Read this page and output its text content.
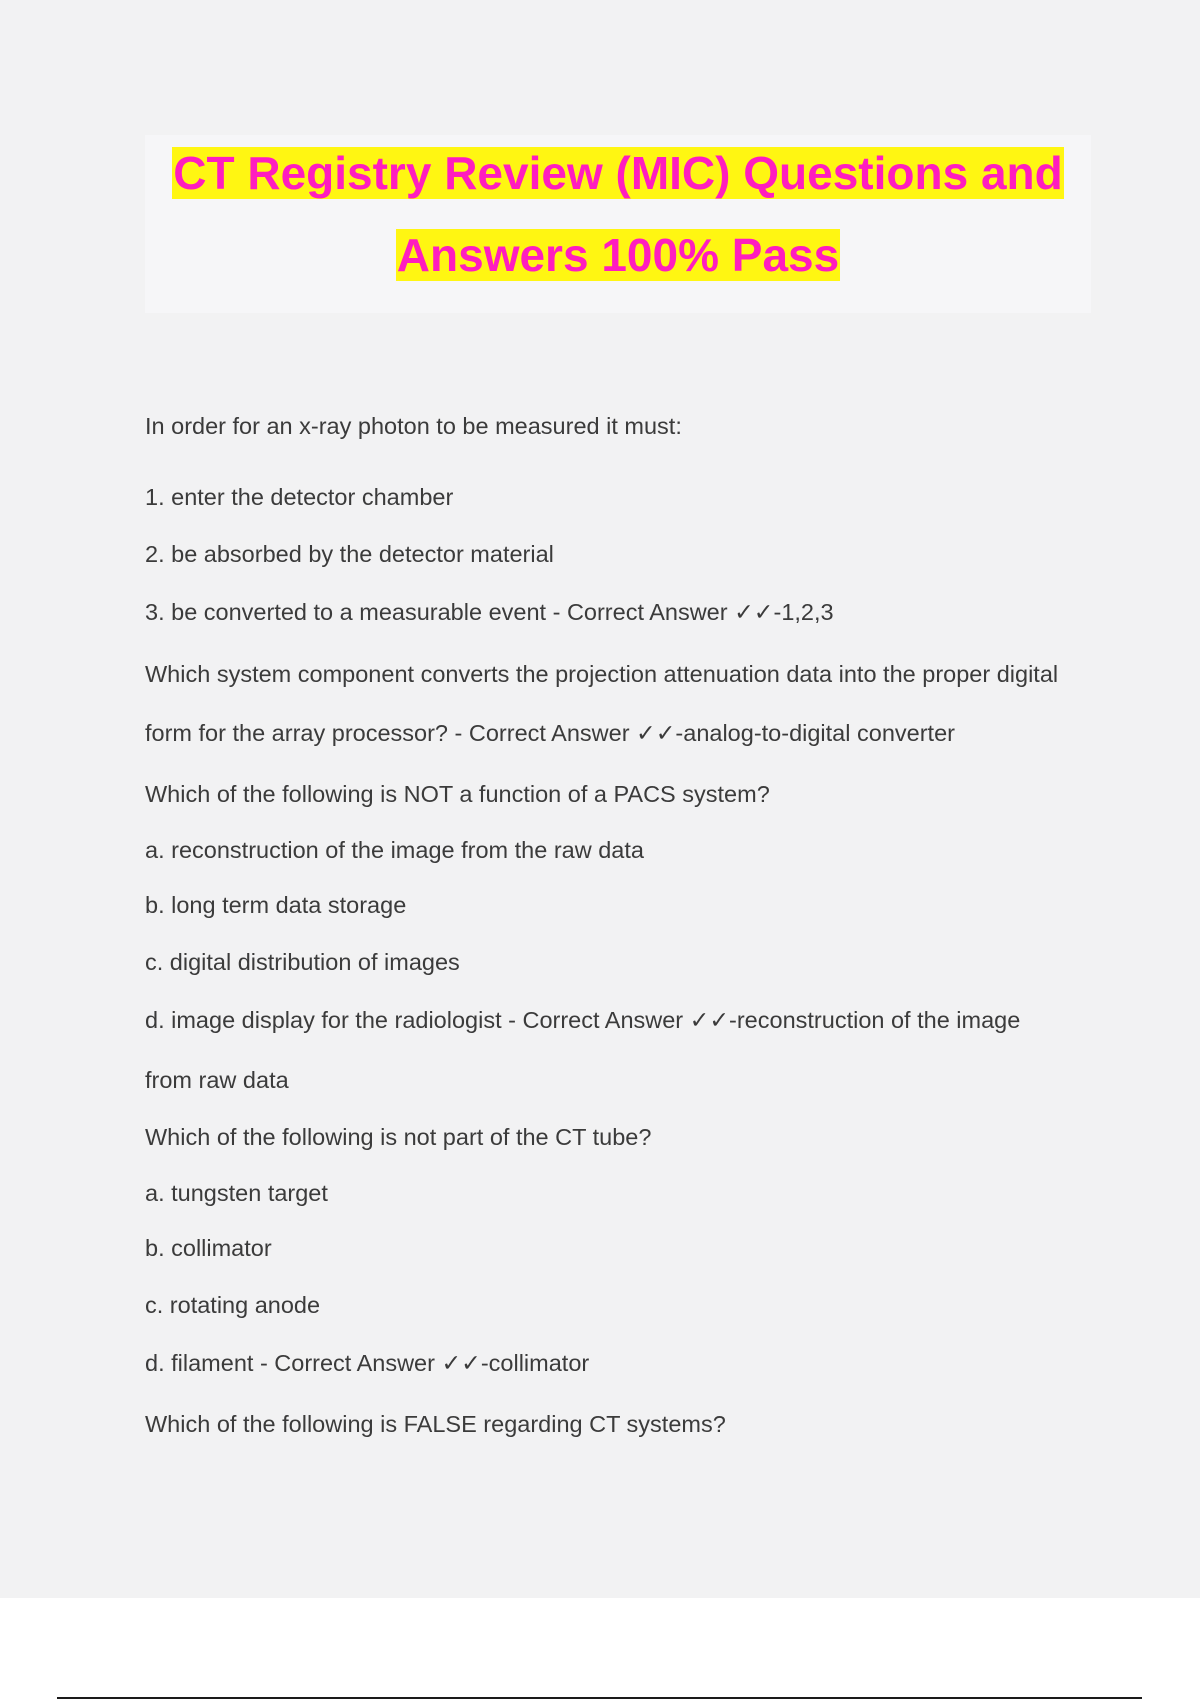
CT Registry Review (MIC) Questions and
Answers 100% Pass
In order for an x-ray photon to be measured it must:
1. enter the detector chamber
2. be absorbed by the detector material
3. be converted to a measurable event - Correct Answer ✓✓-1,2,3
Which system component converts the projection attenuation data into the proper digital
form for the array processor? - Correct Answer ✓✓-analog-to-digital converter
Which of the following is NOT a function of a PACS system?
a. reconstruction of the image from the raw data
b. long term data storage
c. digital distribution of images
d. image display for the radiologist - Correct Answer ✓✓-reconstruction of the image
from raw data
Which of the following is not part of the CT tube?
a. tungsten target
b. collimator
c. rotating anode
d. filament - Correct Answer ✓✓-collimator
Which of the following is FALSE regarding CT systems?
